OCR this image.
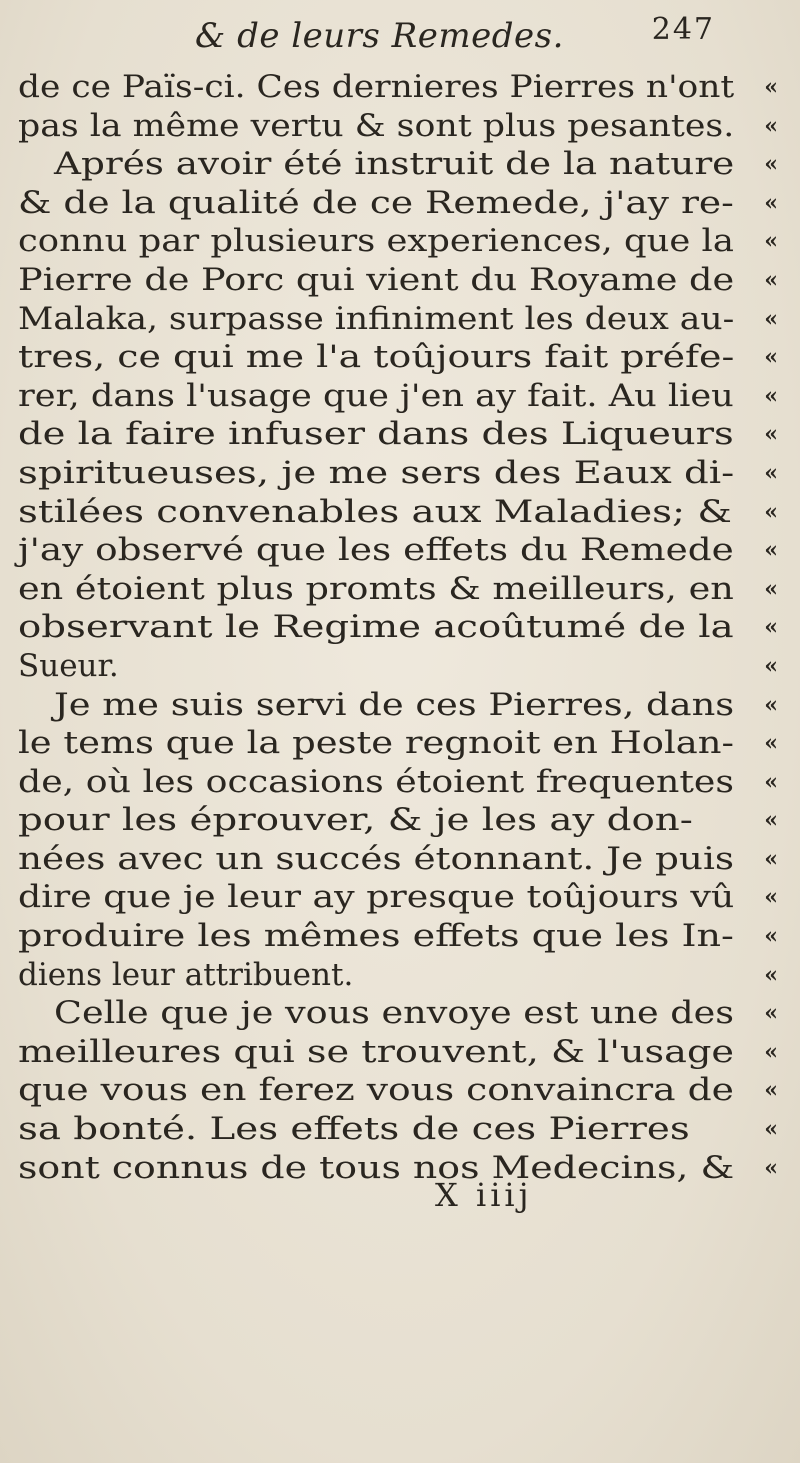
& de leurs Remedes.	247
de ce Païs-ci. Ces dernieres Pierres n'ont	«
pas la même vertu & sont plus pesantes.	«
Aprés avoir été instruit de la nature	«
& de la qualité de ce Remede, j'ay re-	«
connu par plusieurs experiences, que la	«
Pierre de Porc qui vient du Royame de	«
Malaka, surpasse infiniment les deux au-	«
tres, ce qui me l'a toûjours fait préfe-	«
rer, dans l'usage que j'en ay fait. Au lieu	«
de la faire infuser dans des Liqueurs	«
spiritueuses, je me sers des Eaux di-	«
stilées convenables aux Maladies; &	«
j'ay observé que les effets du Remede	«
en étoient plus promts & meilleurs, en	«
observant le Regime acoûtumé de la	«
Sueur.	«
Je me suis servi de ces Pierres, dans	«
le tems que la peste regnoit en Holan-	«
de, où les occasions étoient frequentes	«
pour les éprouver, & je les ay don-	«
nées avec un succés étonnant. Je puis	«
dire que je leur ay presque toûjours vû	«
produire les mêmes effets que les In-	«
diens leur attribuent.	«
Celle que je vous envoye est une des	«
meilleures qui se trouvent, & l'usage	«
que vous en ferez vous convaincra de	«
sa bonté. Les effets de ces Pierres	«
sont connus de tous nos Medecins, &	«
X iiij
